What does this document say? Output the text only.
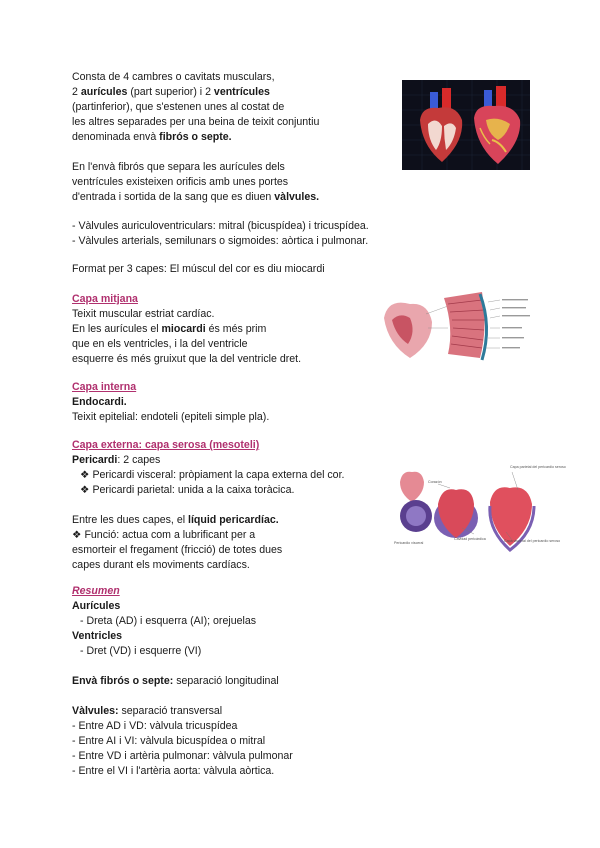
Consta de 4 cambres o cavitats musculars,

2 aurícules (part superior) i 2 ventrícules

(partinferior), que s'estenen unes al costat de

les altres separades per una beina de teixit conjuntiu

denominada envà fibrós o septe.

En l'envà fibrós que separa les aurícules dels

ventrícules existeixen orificis amb unes portes

d'entrada i sortida de la sang que es diuen vàlvules.

- Vàlvules auriculoventriculars: mitral (bicuspídea) i tricuspídea.

- Vàlvules arterials, semilunars o sigmoides: aòrtica i pulmonar.

Format per 3 capes: El múscul del cor es diu miocardi

Capa mitjana

Teixit muscular estriat cardíac.

En les aurícules el miocardi és més prim

que en els ventricles, i la del ventricle

esquerre és més gruixut que la del ventricle dret.

Capa interna

Endocardi.

Teixit epitelial: endoteli (epiteli simple pla).

Capa externa: capa serosa (mesoteli)

Pericardi: 2 capes

❖ Pericardi visceral: pròpiament la capa externa del cor.

❖ Pericardi parietal: unida a la caixa toràcica.

Entre les dues capes, el líquid pericardíac.

❖ Funció: actua com a lubrificant per a

esmorteir el fregament (fricció) de totes dues

capes durant els moviments cardíacs.

Resumen

Aurícules

- Dreta (AD) i esquerra (AI); orejuelas

Ventricles

- Dret (VD) i esquerre (VI)

Envà fibrós o septe: separació longitudinal

Vàlvules: separació transversal

- Entre AD i VD: vàlvula tricuspídea

- Entre AI i VI: vàlvula bicuspídea o mitral

- Entre VD i artèria pulmonar: vàlvula pulmonar

- Entre el VI i l'artèria aorta: vàlvula aòrtica.

Corazón
Pericardio visceral
Cavidad pericárdica
Capa parietal del pericardio seroso
Capa visceral del pericardio seroso
